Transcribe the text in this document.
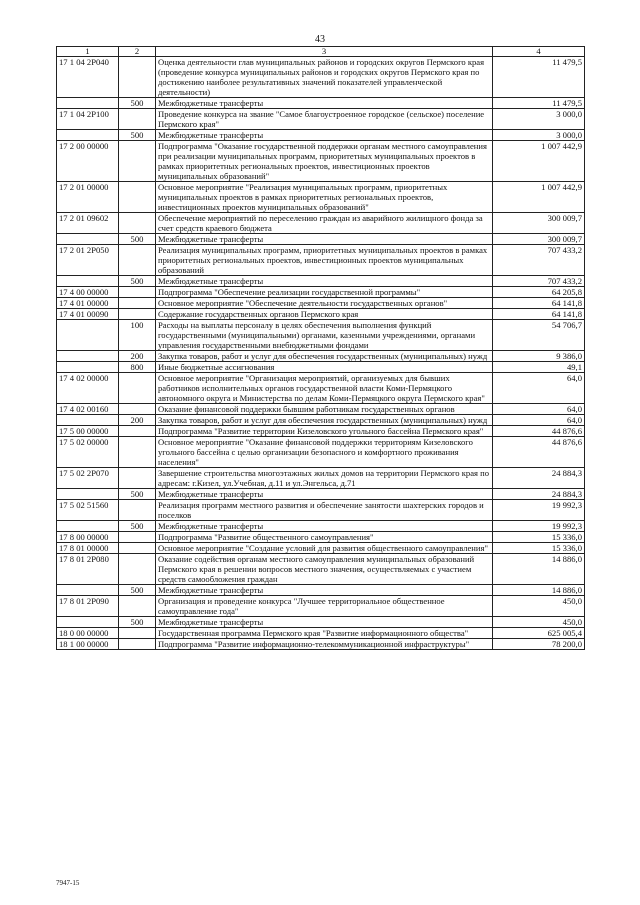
43
1	2	3	4
17 1 04 2P040		Оценка деятельности глав муниципальных районов и городских округов Пермского края (проведение конкурса муниципальных районов и городских округов Пермского края по достижению наиболее результативных значений показателей управленческой деятельности)	11 479,5
	500	Межбюджетные трансферты	11 479,5
17 1 04 2P100		Проведение конкурса на звание "Самое благоустроенное городское (сельское) поселение Пермского края"	3 000,0
	500	Межбюджетные трансферты	3 000,0
17 2 00 00000		Подпрограмма "Оказание государственной поддержки органам местного самоуправления при реализации муниципальных программ, приоритетных муниципальных проектов в рамках приоритетных региональных проектов, инвестиционных проектов муниципальных образований"	1 007 442,9
17 2 01 00000		Основное мероприятие "Реализация муниципальных программ, приоритетных муниципальных проектов в рамках приоритетных региональных проектов, инвестиционных проектов муниципальных образований"	1 007 442,9
17 2 01 09602		Обеспечение мероприятий по переселению граждан из аварийного жилищного фонда за счет средств краевого бюджета	300 009,7
	500	Межбюджетные трансферты	300 009,7
17 2 01 2P050		Реализация муниципальных программ, приоритетных муниципальных проектов в рамках приоритетных региональных проектов, инвестиционных проектов муниципальных образований	707 433,2
	500	Межбюджетные трансферты	707 433,2
17 4 00 00000		Подпрограмма "Обеспечение реализации государственной программы"	64 205,8
17 4 01 00000		Основное мероприятие "Обеспечение деятельности государственных органов"	64 141,8
17 4 01 00090		Содержание государственных органов Пермского края	64 141,8
	100	Расходы на выплаты персоналу в целях обеспечения выполнения функций государственными (муниципальными) органами, казенными учреждениями, органами управления государственными внебюджетными фондами	54 706,7
	200	Закупка товаров, работ и услуг для обеспечения государственных (муниципальных) нужд	9 386,0
	800	Иные бюджетные ассигнования	49,1
17 4 02 00000		Основное мероприятие "Организация мероприятий, организуемых для бывших работников исполнительных органов государственной власти Коми-Пермяцкого автономного округа и Министерства по делам Коми-Пермяцкого округа Пермского края"	64,0
17 4 02 00160		Оказание финансовой поддержки бывшим работникам государственных органов	64,0
	200	Закупка товаров, работ и услуг для обеспечения государственных (муниципальных) нужд	64,0
17 5 00 00000		Подпрограмма "Развитие территории Кизеловского угольного бассейна Пермского края"	44 876,6
17 5 02 00000		Основное мероприятие "Оказание финансовой поддержки территориям Кизеловского угольного бассейна с целью организации безопасного и комфортного проживания населения"	44 876,6
17 5 02 2P070		Завершение строительства многоэтажных жилых домов на территории Пермского края по адресам: г.Кизел, ул.Учебная, д.11 и ул.Энгельса, д.71	24 884,3
	500	Межбюджетные трансферты	24 884,3
17 5 02 51560		Реализация программ местного развития и обеспечение занятости шахтерских городов и поселков	19 992,3
	500	Межбюджетные трансферты	19 992,3
17 8 00 00000		Подпрограмма "Развитие общественного самоуправления"	15 336,0
17 8 01 00000		Основное мероприятие "Создание условий для развития общественного самоуправления"	15 336,0
17 8 01 2P080		Оказание содействия органам местного самоуправления муниципальных образований Пермского края в решении вопросов местного значения, осуществляемых с участием средств самообложения граждан	14 886,0
	500	Межбюджетные трансферты	14 886,0
17 8 01 2P090		Организация и проведение конкурса "Лучшее территориальное общественное самоуправление года"	450,0
	500	Межбюджетные трансферты	450,0
18 0 00 00000		Государственная программа Пермского края "Развитие информационного общества"	625 005,4
18 1 00 00000		Подпрограмма "Развитие информационно-телекоммуникационной инфраструктуры"	78 200,0
7947-15
